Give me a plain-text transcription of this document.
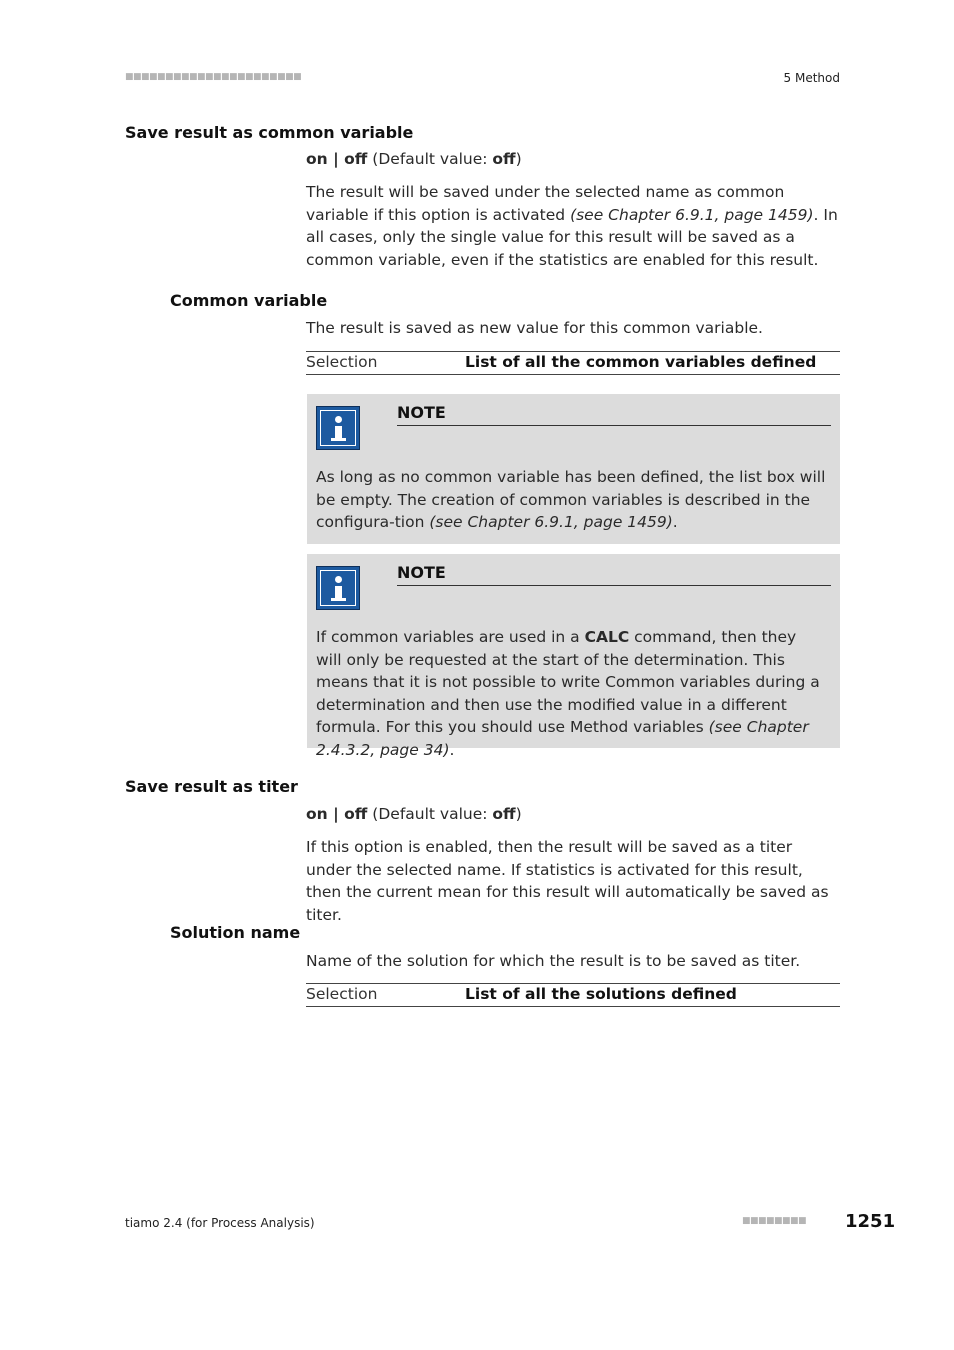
■■■■■■■■■■■■■■■■■■■■■■	5 Method
Save result as common variable
on | off (Default value: off)
The result will be saved under the selected name as common variable if this option is activated (see Chapter 6.9.1, page 1459). In all cases, only the single value for this result will be saved as a common variable, even if the statistics are enabled for this result.
Common variable
The result is saved as new value for this common variable.
Selection	List of all the common variables defined
NOTE
As long as no common variable has been defined, the list box will be empty. The creation of common variables is described in the configura-tion (see Chapter 6.9.1, page 1459).
NOTE
If common variables are used in a CALC command, then they will only be requested at the start of the determination. This means that it is not possible to write Common variables during a determination and then use the modified value in a different formula. For this you should use Method variables (see Chapter 2.4.3.2, page 34).
Save result as titer
on | off (Default value: off)
If this option is enabled, then the result will be saved as a titer under the selected name. If statistics is activated for this result, then the current mean for this result will automatically be saved as titer.
Solution name
Name of the solution for which the result is to be saved as titer.
Selection	List of all the solutions defined
tiamo 2.4 (for Process Analysis)	■■■■■■■■ 1251
